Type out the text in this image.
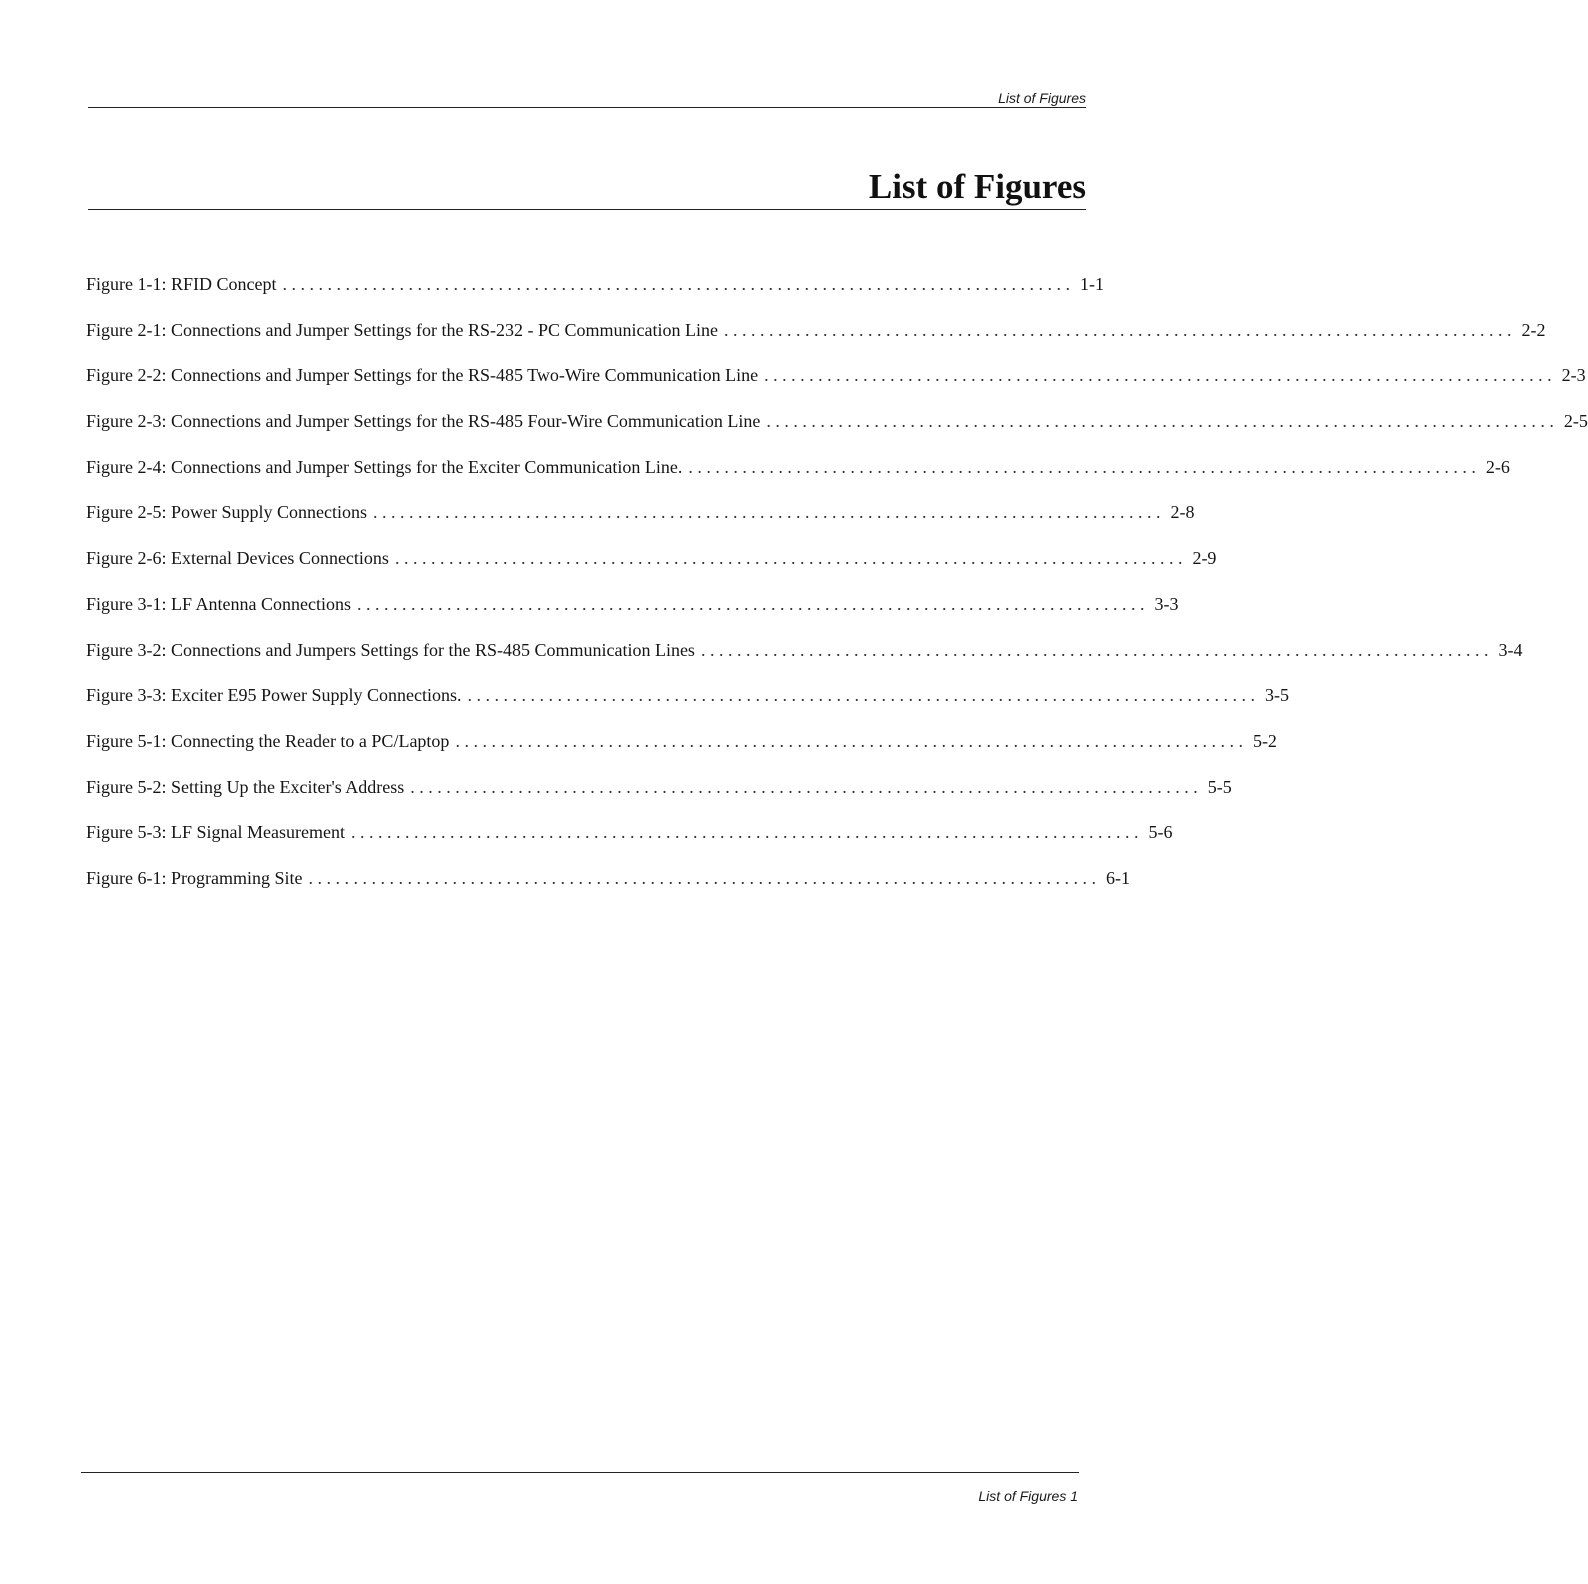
List of Figures
List of Figures
Figure 1-1: RFID Concept . . .	1-1
Figure 2-1: Connections and Jumper Settings for the RS-232 - PC Communication Line . . .	2-2
Figure 2-2: Connections and Jumper Settings for the RS-485 Two-Wire Communication Line . . .	2-3
Figure 2-3: Connections and Jumper Settings for the RS-485 Four-Wire Communication Line . . .	2-5
Figure 2-4: Connections and Jumper Settings for the Exciter Communication Line. . . .	2-6
Figure 2-5: Power Supply Connections . . .	2-8
Figure 2-6: External Devices Connections . . .	2-9
Figure 3-1: LF Antenna Connections . . .	3-3
Figure 3-2: Connections and Jumpers Settings for the RS-485 Communication Lines . . .	3-4
Figure 3-3: Exciter E95 Power Supply Connections. . . .	3-5
Figure 5-1: Connecting the Reader to a PC/Laptop . . .	5-2
Figure 5-2: Setting Up the Exciter's Address . . .	5-5
Figure 5-3: LF Signal Measurement . . .	5-6
Figure 6-1: Programming Site . . .	6-1
List of Figures 1
